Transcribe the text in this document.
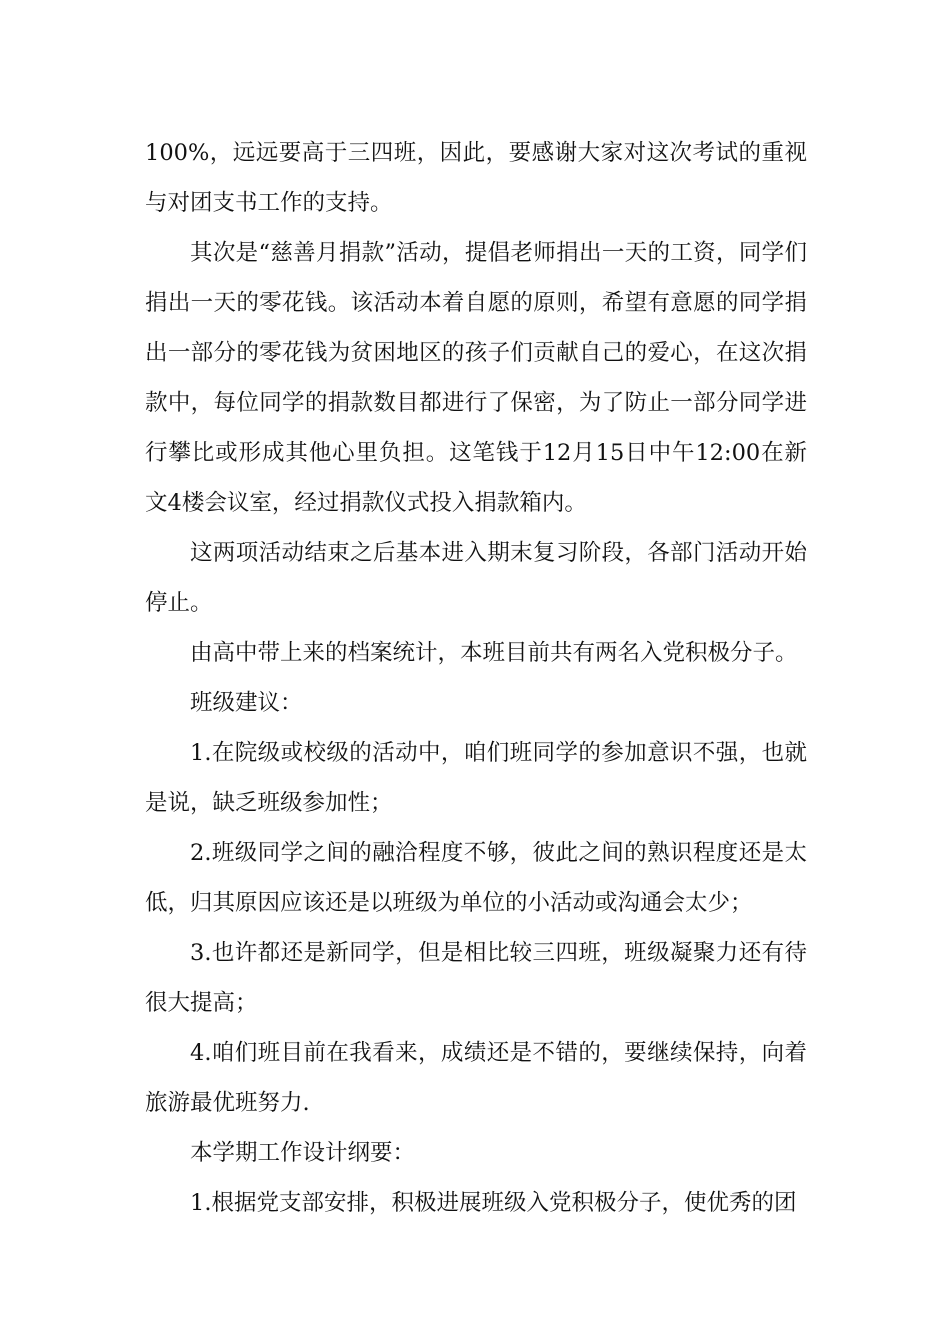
100%，远远要高于三四班，因此，要感谢大家对这次考试的重视与对团支书工作的支持。

其次是“慈善月捐款”活动，提倡老师捐出一天的工资，同学们捐出一天的零花钱。该活动本着自愿的原则，希望有意愿的同学捐出一部分的零花钱为贫困地区的孩子们贡献自己的爱心，在这次捐款中，每位同学的捐款数目都进行了保密，为了防止一部分同学进行攀比或形成其他心里负担。这笔钱于12月15日中午12:00在新文4楼会议室，经过捐款仪式投入捐款箱内。

这两项活动结束之后基本进入期末复习阶段，各部门活动开始停止。

由高中带上来的档案统计，本班目前共有两名入党积极分子。

班级建议：

1.在院级或校级的活动中，咱们班同学的参加意识不强，也就是说，缺乏班级参加性；

2.班级同学之间的融洽程度不够，彼此之间的熟识程度还是太低，归其原因应该还是以班级为单位的小活动或沟通会太少；

3.也许都还是新同学，但是相比较三四班，班级凝聚力还有待很大提高；

4.咱们班目前在我看来，成绩还是不错的，要继续保持，向着旅游最优班努力.

本学期工作设计纲要：

1.根据党支部安排，积极进展班级入党积极分子，使优秀的团
